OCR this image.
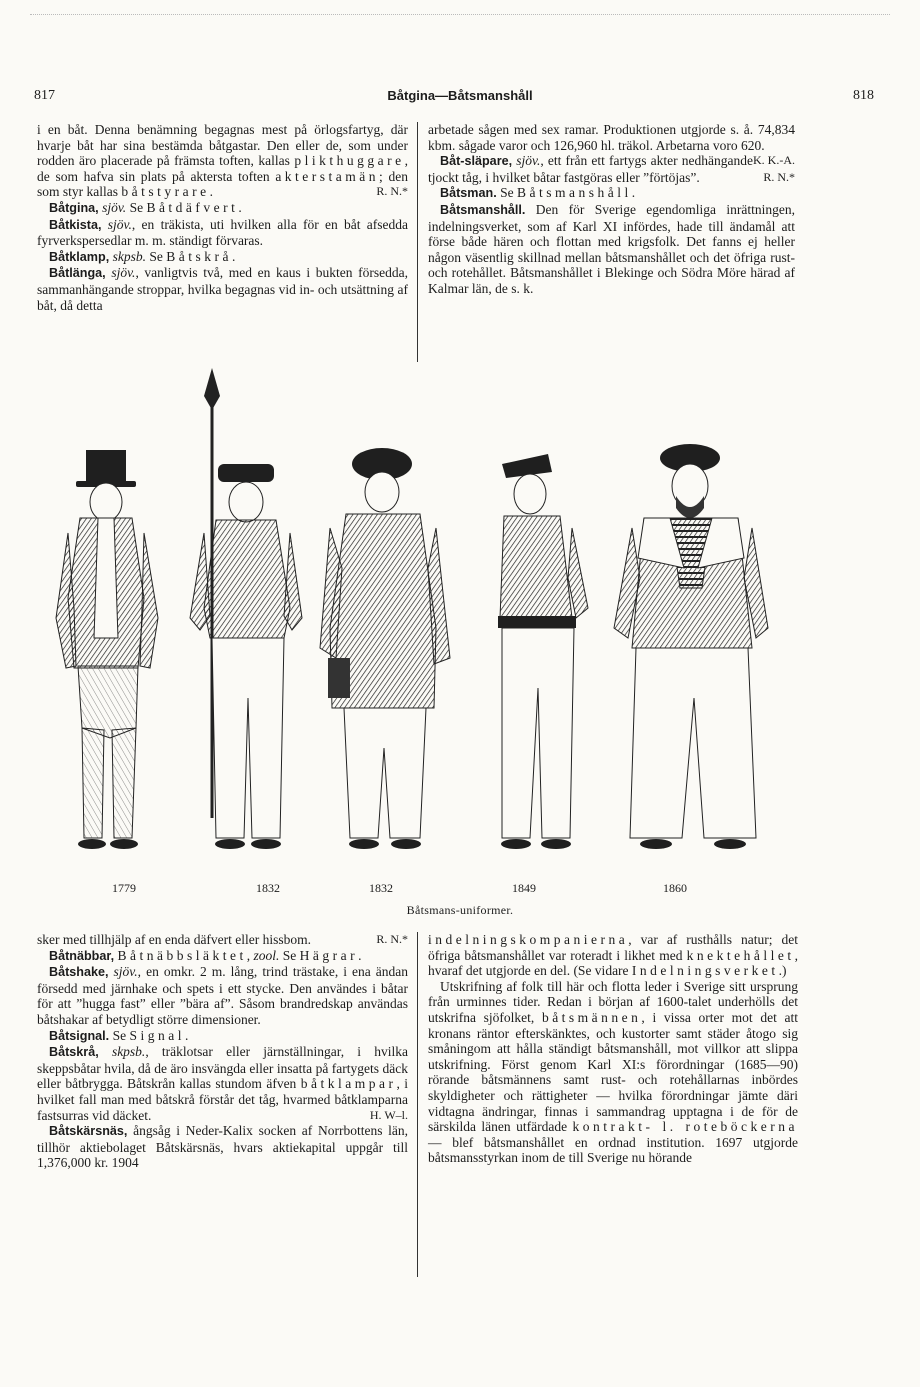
817	Båtgina—Båtsmanshåll	818

i en båt. Denna benämning begagnas mest på örlogsfartyg, där hvarje båt har sina bestämda båtgastar. Den eller de, som under rodden äro placerade på främsta toften, kallas plikthuggare, de som hafva sin plats på aktersta toften akterstamän; den som styr kallas båtstyrare.	R. N.*

Båtgina, sjöv. Se Båtdäfvert.

Båtkista, sjöv., en träkista, uti hvilken alla för en båt afsedda fyrverkspersedlar m. m. ständigt förvaras.

Båtklamp, skpsb. Se Båtskrå.

Båtlänga, sjöv., vanligtvis två, med en kaus i bukten försedda, sammanhängande stroppar, hvilka begagnas vid in- och utsättning af båt, då detta

arbetade sågen med sex ramar. Produktionen utgjorde s. å. 74,834 kbm. sågade varor och 126,960 hl. träkol. Arbetarna voro 620.
K. K.-A.

Båt-släpare, sjöv., ett från ett fartygs akter nedhängande tjockt tåg, i hvilket båtar fastgöras eller ”förtöjas”.	R. N.*

Båtsman. Se Båtsmanshåll.

Båtsmanshåll. Den för Sverige egendomliga inrättningen, indelningsverket, som af Karl XI infördes, hade till ändamål att förse både hären och flottan med krigsfolk. Det fanns ej heller någon väsentlig skillnad mellan båtsmanshållet och det öfriga rust- och rotehållet. Båtsmanshållet i Blekinge och Södra Möre härad af Kalmar län, de s. k.

1779	1832	1832	1849	1860
Båtsmans-uniformer.

sker med tillhjälp af en enda däfvert eller hissbom.	R. N.*

Båtnäbbar, Båtnäbbsläktet, zool. Se Hägrar.

Båtshake, sjöv., en omkr. 2 m. lång, trind trästake, i ena ändan försedd med järnhake och spets i ett stycke. Den användes i båtar för att ”hugga fast” eller ”bära af”. Såsom brandredskap användas båtshakar af betydligt större dimensioner.

Båtsignal. Se Signal.

Båtskrå, skpsb., träklotsar eller järnställningar, i hvilka skeppsbåtar hvila, då de äro insvängda eller insatta på fartygets däck eller båtbrygga. Båtskrån kallas stundom äfven båtklampar, i hvilket fall man med båtskrå förstår det tåg, hvarmed båtklamparna fastsurras vid däcket.	H. W–l.

Båtskärsnäs, ångsåg i Neder-Kalix socken af Norrbottens län, tillhör aktiebolaget Båtskärsnäs, hvars aktiekapital uppgår till 1,376,000 kr. 1904

indelningskompanierna, var af rusthålls natur; det öfriga båtsmanshållet var roteradt i likhet med knektehållet, hvaraf det utgjorde en del. (Se vidare Indelningsverket.)

Utskrifning af folk till här och flotta leder i Sverige sitt ursprung från urminnes tider. Redan i början af 1600-talet underhölls det utskrifna sjöfolket, båtsmännen, i vissa orter mot det att kronans räntor efterskänktes, och kustorter samt städer åtogo sig småningom att hålla ständigt båtsmanshåll, mot villkor att slippa utskrifning. Först genom Karl XI:s förordningar (1685—90) rörande båtsmännens samt rust- och rotehållarnas inbördes skyldigheter och rättigheter — hvilka förordningar jämte däri vidtagna ändringar, finnas i sammandrag upptagna i de för de särskilda länen utfärdade kontrakt- l. roteböckerna — blef båtsmanshållet en ordnad institution. 1697 utgjorde båtsmansstyrkan inom de till Sverige nu hörande
